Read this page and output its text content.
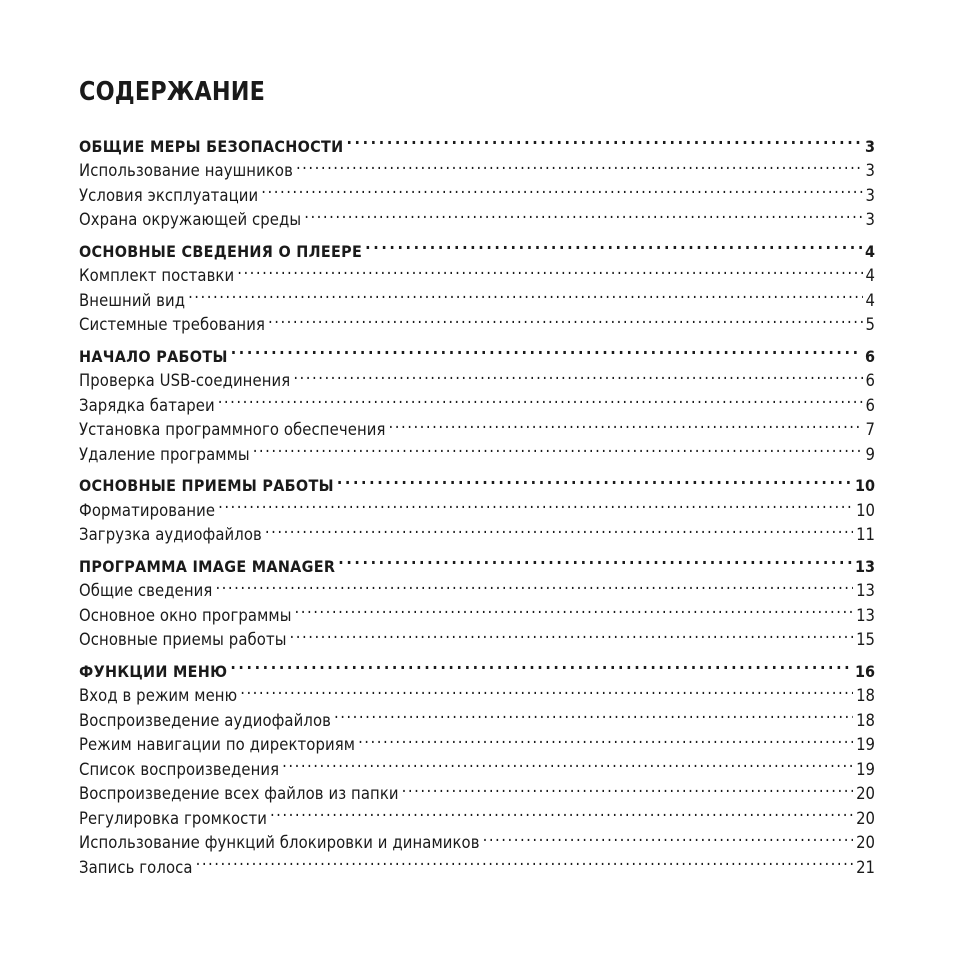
СОДЕРЖАНИЕ
ОБЩИЕ МЕРЫ БЕЗОПАСНОСТИ . . .	3
Использование наушников . . .	3
Условия эксплуатации . . .	3
Охрана окружающей среды . . .	3
ОСНОВНЫЕ СВЕДЕНИЯ О ПЛЕЕРЕ . . .	4
Комплект поставки . . .	4
Внешний вид . . .	4
Системные требования . . .	5
НАЧАЛО РАБОТЫ . . .	6
Проверка USB-соединения . . .	6
Зарядка батареи . . .	6
Установка программного обеспечения . . .	7
Удаление программы . . .	9
ОСНОВНЫЕ ПРИЕМЫ РАБОТЫ . . .	10
Форматирование . . .	10
Загрузка аудиофайлов . . .	11
ПРОГРАММА IMAGE MANAGER . . .	13
Общие сведения . . .	13
Основное окно программы . . .	13
Основные приемы работы . . .	15
ФУНКЦИИ МЕНЮ . . .	16
Вход в режим меню . . .	18
Воспроизведение аудиофайлов . . .	18
Режим навигации по директориям . . .	19
Список воспроизведения . . .	19
Воспроизведение всех файлов из папки . . .	20
Регулировка громкости . . .	20
Использование функций блокировки и динамиков . . .	20
Запись голоса . . .	21
